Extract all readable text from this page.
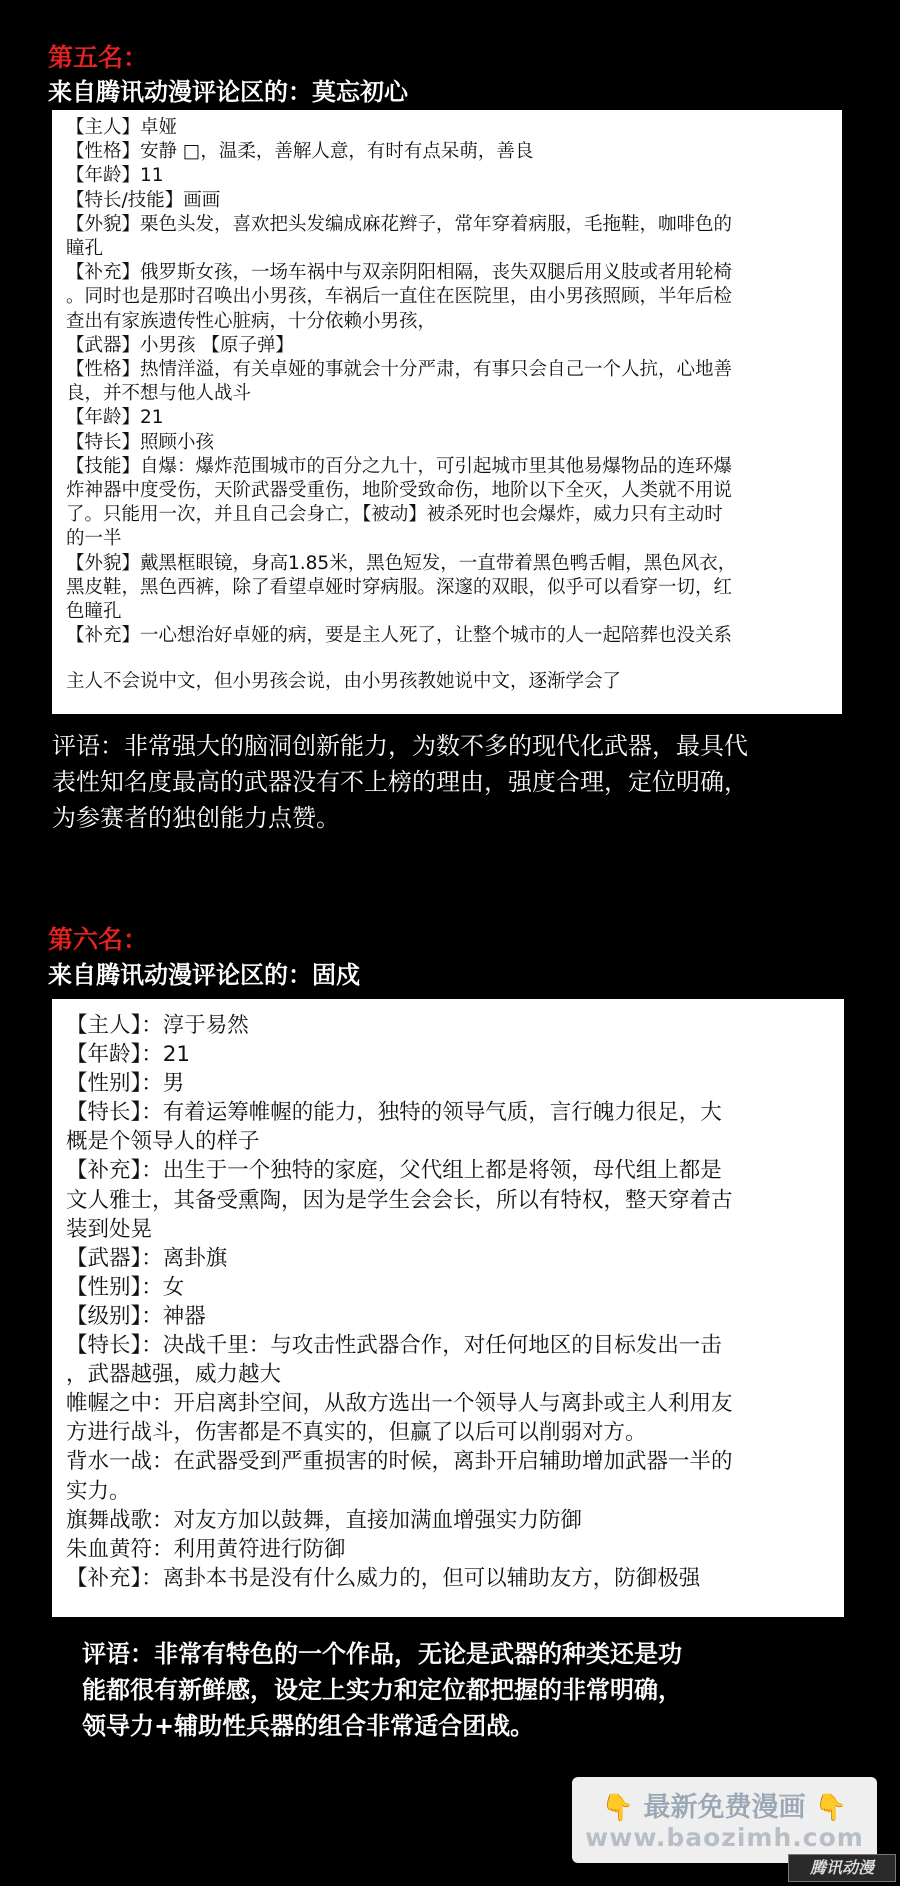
第五名：
来自腾讯动漫评论区的：莫忘初心
【主人】卓娅
【性格】安静 □，温柔，善解人意，有时有点呆萌，善良
【年龄】11
【特长/技能】画画
【外貌】栗色头发，喜欢把头发编成麻花辫子，常年穿着病服，毛拖鞋，咖啡色的
瞳孔
【补充】俄罗斯女孩，一场车祸中与双亲阴阳相隔，丧失双腿后用义肢或者用轮椅
。同时也是那时召唤出小男孩，车祸后一直住在医院里，由小男孩照顾，半年后检
查出有家族遗传性心脏病，十分依赖小男孩，
【武器】小男孩 【原子弹】
【性格】热情洋溢，有关卓娅的事就会十分严肃，有事只会自己一个人抗，心地善
良，并不想与他人战斗
【年龄】21
【特长】照顾小孩
【技能】自爆：爆炸范围城市的百分之九十，可引起城市里其他易爆物品的连环爆
炸神器中度受伤，天阶武器受重伤，地阶受致命伤，地阶以下全灭，人类就不用说
了。只能用一次，并且自己会身亡，【被动】被杀死时也会爆炸，威力只有主动时
的一半
【外貌】戴黑框眼镜，身高1.85米，黑色短发，一直带着黑色鸭舌帽，黑色风衣，
黑皮鞋，黑色西裤，除了看望卓娅时穿病服。深邃的双眼，似乎可以看穿一切，红
色瞳孔
【补充】一心想治好卓娅的病，要是主人死了，让整个城市的人一起陪葬也没关系
主人不会说中文，但小男孩会说，由小男孩教她说中文，逐渐学会了
评语：非常强大的脑洞创新能力，为数不多的现代化武器，最具代
表性知名度最高的武器没有不上榜的理由，强度合理，定位明确，
为参赛者的独创能力点赞。
第六名：
来自腾讯动漫评论区的：固戍
【主人】：淳于易然
【年龄】：21
【性别】：男
【特长】：有着运筹帷幄的能力，独特的领导气质，言行魄力很足，大
概是个领导人的样子
【补充】：出生于一个独特的家庭，父代组上都是将领，母代组上都是
文人雅士，其备受熏陶，因为是学生会会长，所以有特权，整天穿着古
装到处晃
【武器】：离卦旗
【性别】：女
【级别】：神器
【特长】：决战千里：与攻击性武器合作，对任何地区的目标发出一击
，武器越强，威力越大
帷幄之中：开启离卦空间，从敌方选出一个领导人与离卦或主人利用友
方进行战斗，伤害都是不真实的，但赢了以后可以削弱对方。
背水一战：在武器受到严重损害的时候，离卦开启辅助增加武器一半的
实力。
旗舞战歌：对友方加以鼓舞，直接加满血增强实力防御
朱血黄符：利用黄符进行防御
【补充】：离卦本书是没有什么威力的，但可以辅助友方，防御极强
评语：非常有特色的一个作品，无论是武器的种类还是功
能都很有新鲜感，设定上实力和定位都把握的非常明确，
领导力+辅助性兵器的组合非常适合团战。
👇 最新免费漫画 👇
www.baozimh.com
腾讯动漫
